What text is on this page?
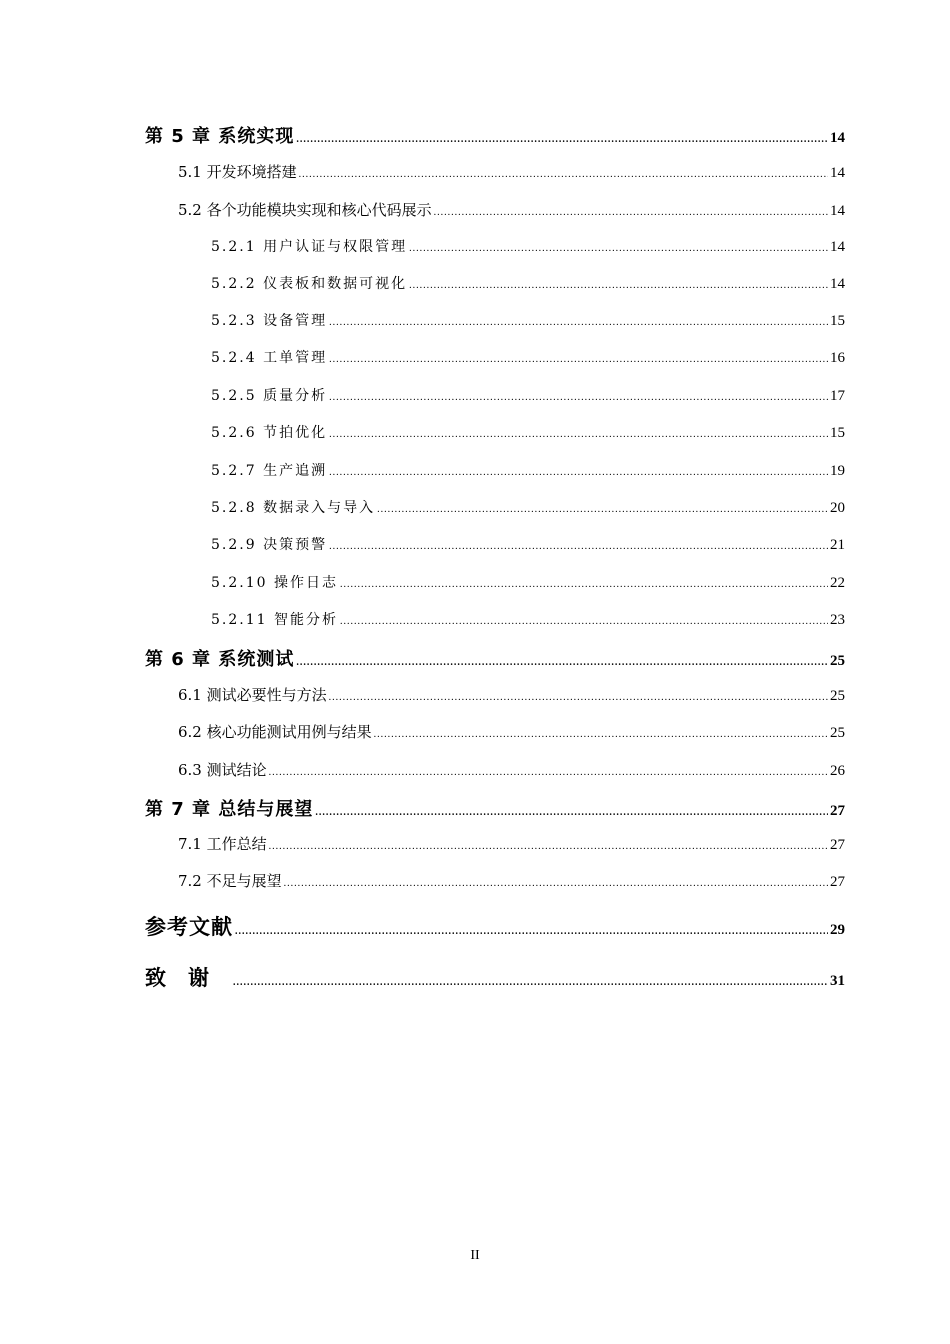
第 5 章 系统实现 .....	14
5.1 开发环境搭建 .....	14
5.2 各个功能模块实现和核心代码展示 .....	14
5.2.1 用户认证与权限管理 .....	14
5.2.2 仪表板和数据可视化 .....	14
5.2.3 设备管理 .....	15
5.2.4 工单管理 .....	16
5.2.5 质量分析 .....	17
5.2.6 节拍优化 .....	15
5.2.7 生产追溯 .....	19
5.2.8 数据录入与导入 .....	20
5.2.9 决策预警 .....	21
5.2.10 操作日志 .....	22
5.2.11 智能分析 .....	23
第 6 章 系统测试 .....	25
6.1 测试必要性与方法 .....	25
6.2 核心功能测试用例与结果 .....	25
6.3 测试结论 .....	26
第 7 章 总结与展望 .....	27
7.1 工作总结 .....	27
7.2 不足与展望 .....	27
参考文献 .....	29
致谢 .....	31
II
